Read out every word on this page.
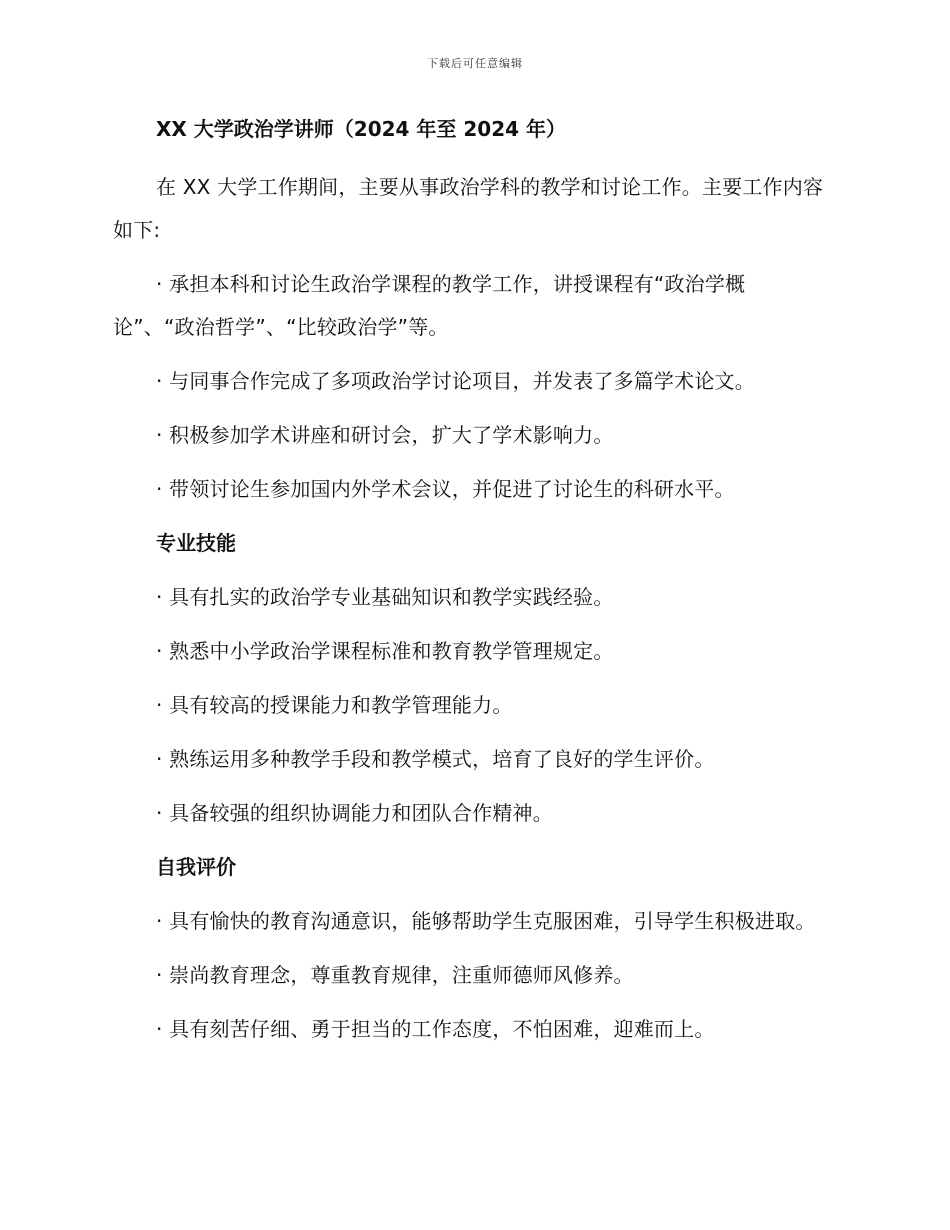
下载后可任意编辑
XX 大学政治学讲师（2024 年至 2024 年）
在 XX 大学工作期间，主要从事政治学科的教学和讨论工作。主要工作内容如下:
· 承担本科和讨论生政治学课程的教学工作，讲授课程有“政治学概论”、“政治哲学”、“比较政治学”等。
· 与同事合作完成了多项政治学讨论项目，并发表了多篇学术论文。
· 积极参加学术讲座和研讨会，扩大了学术影响力。
· 带领讨论生参加国内外学术会议，并促进了讨论生的科研水平。
专业技能
· 具有扎实的政治学专业基础知识和教学实践经验。
· 熟悉中小学政治学课程标准和教育教学管理规定。
· 具有较高的授课能力和教学管理能力。
· 熟练运用多种教学手段和教学模式，培育了良好的学生评价。
· 具备较强的组织协调能力和团队合作精神。
自我评价
· 具有愉快的教育沟通意识，能够帮助学生克服困难，引导学生积极进取。
· 崇尚教育理念，尊重教育规律，注重师德师风修养。
· 具有刻苦仔细、勇于担当的工作态度，不怕困难，迎难而上。
